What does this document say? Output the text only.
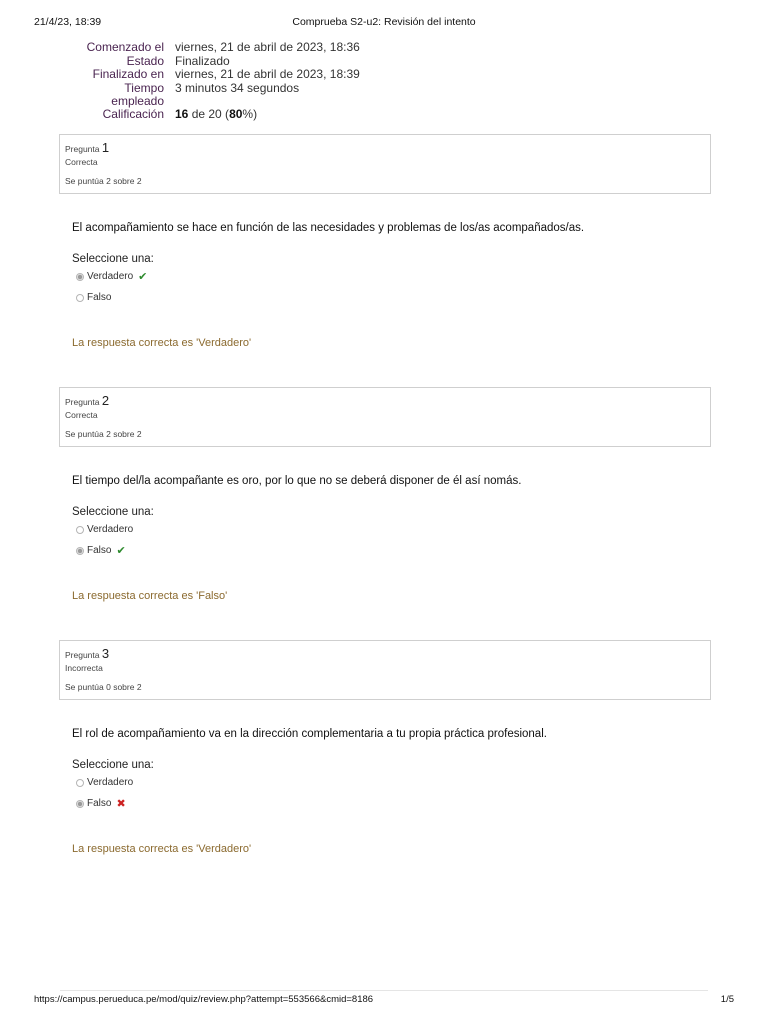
21/4/23, 18:39	Comprueba S2-u2: Revisión del intento
Comenzado el viernes, 21 de abril de 2023, 18:36
Estado Finalizado
Finalizado en viernes, 21 de abril de 2023, 18:39
Tiempo
empleado
3 minutos 34 segundos
Calificación 16 de 20 (80%)
Pregunta 1
Correcta
Se puntúa 2 sobre 2
El acompañamiento se hace en función de las necesidades y problemas de los/as acompañados/as.
Seleccione una:
Verdadero ✔
Falso
La respuesta correcta es 'Verdadero'
Pregunta 2
Correcta
Se puntúa 2 sobre 2
El tiempo del/la acompañante es oro, por lo que no se deberá disponer de él así nomás.
Seleccione una:
Verdadero
Falso ✔
La respuesta correcta es 'Falso'
Pregunta 3
Incorrecta
Se puntúa 0 sobre 2
El rol de acompañamiento va en la dirección complementaria a tu propia práctica profesional.
Seleccione una:
Verdadero
Falso ✖
La respuesta correcta es 'Verdadero'
https://campus.perueduca.pe/mod/quiz/review.php?attempt=553566&cmid=8186	1/5
